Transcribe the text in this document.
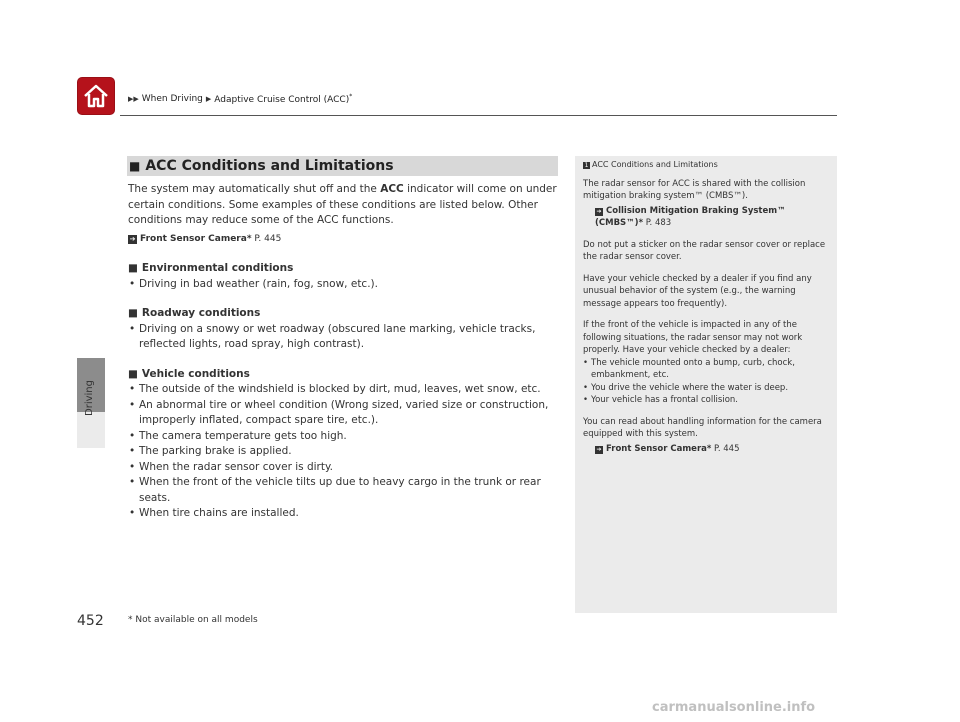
▶▶ When Driving ▶ Adaptive Cruise Control (ACC)*
Driving
■ ACC Conditions and Limitations

The system may automatically shut off and the ACC indicator will come on under certain conditions. Some examples of these conditions are listed below. Other conditions may reduce some of the ACC functions.

➔ Front Sensor Camera* P. 445
■ Environmental conditions
• Driving in bad weather (rain, fog, snow, etc.).
■ Roadway conditions
• Driving on a snowy or wet roadway (obscured lane marking, vehicle tracks, reflected lights, road spray, high contrast).
■ Vehicle conditions
• The outside of the windshield is blocked by dirt, mud, leaves, wet snow, etc.
• An abnormal tire or wheel condition (Wrong sized, varied size or construction, improperly inflated, compact spare tire, etc.).
• The camera temperature gets too high.
• The parking brake is applied.
• When the radar sensor cover is dirty.
• When the front of the vehicle tilts up due to heavy cargo in the trunk or rear seats.
• When tire chains are installed.
1 ACC Conditions and Limitations

The radar sensor for ACC is shared with the collision mitigation braking system™ (CMBS™).

➔ Collision Mitigation Braking System™ (CMBS™)* P. 483

Do not put a sticker on the radar sensor cover or replace the radar sensor cover.

Have your vehicle checked by a dealer if you find any unusual behavior of the system (e.g., the warning message appears too frequently).

If the front of the vehicle is impacted in any of the following situations, the radar sensor may not work properly. Have your vehicle checked by a dealer:

• The vehicle mounted onto a bump, curb, chock, embankment, etc.
• You drive the vehicle where the water is deep.
• Your vehicle has a frontal collision.

You can read about handling information for the camera equipped with this system.

➔ Front Sensor Camera* P. 445

452	* Not available on all models
carmanualsonline.info
